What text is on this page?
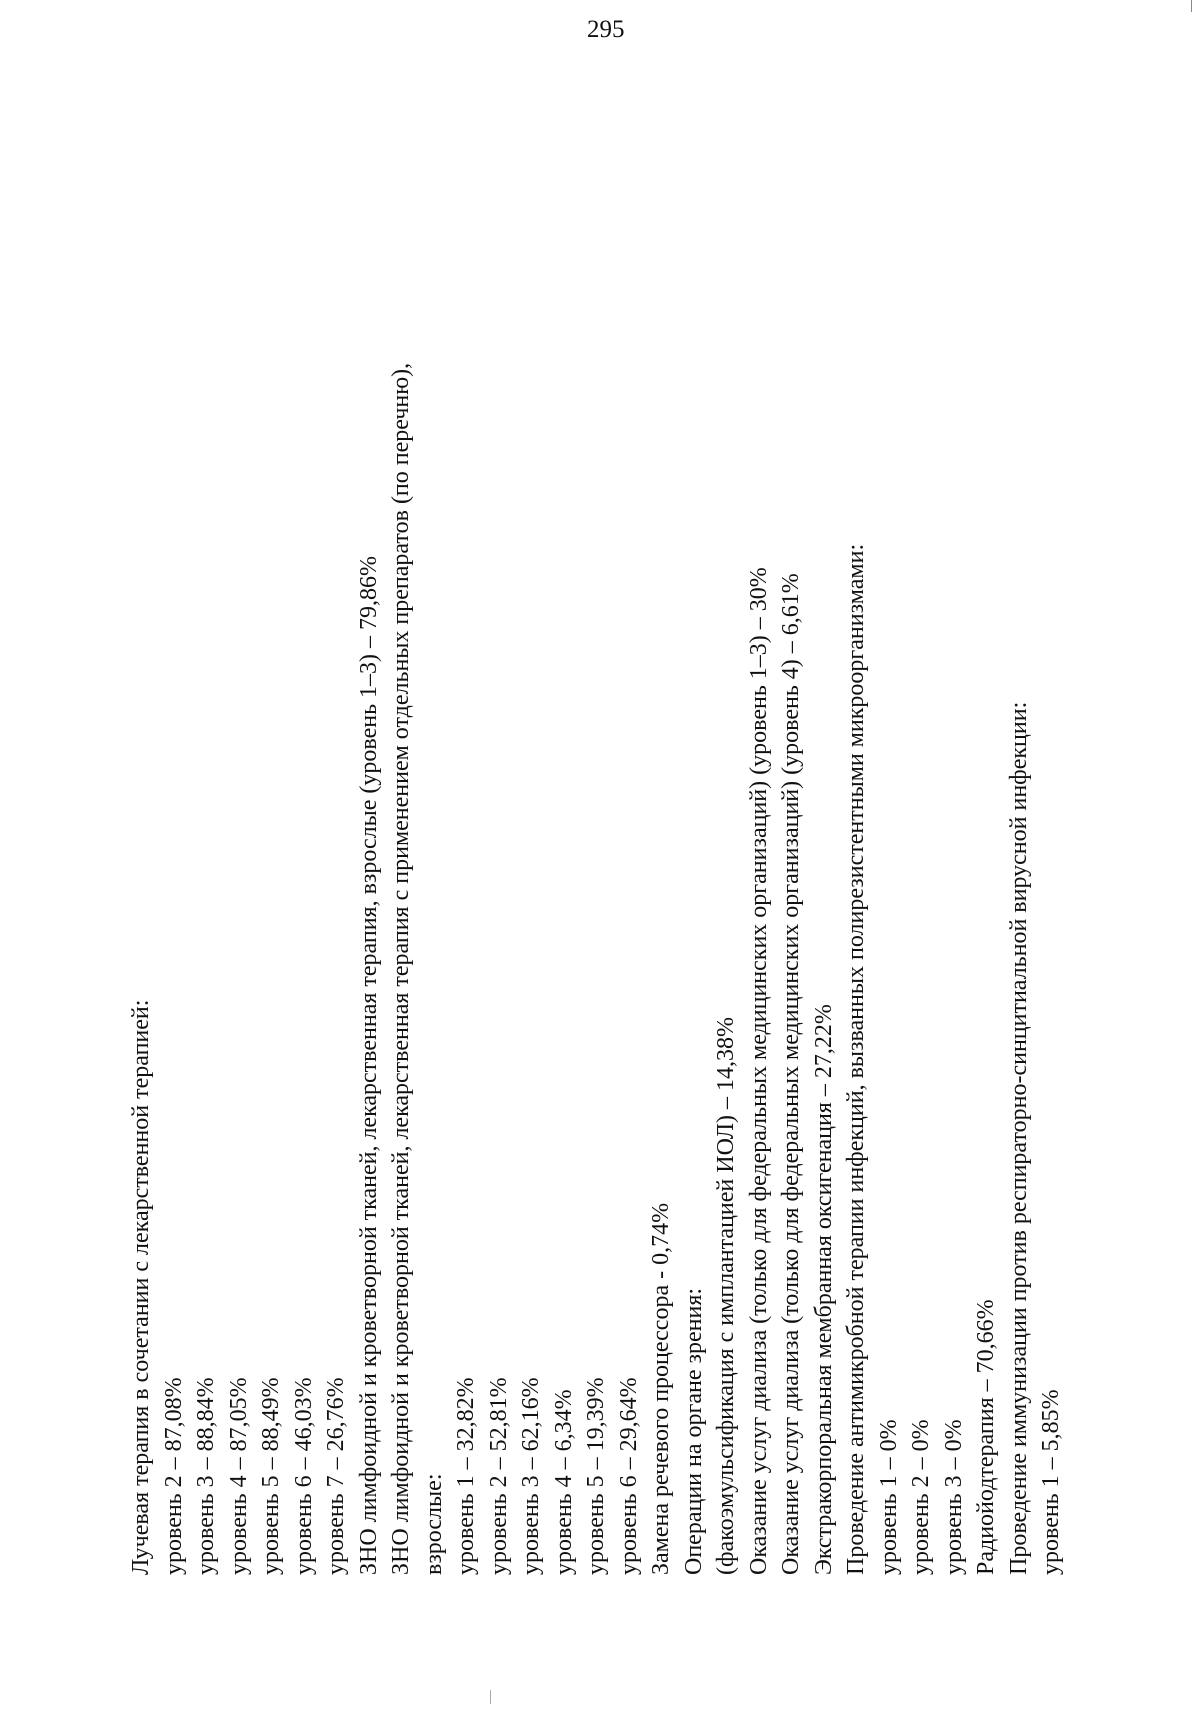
295
Лучевая терапия в сочетании с лекарственной терапией: уровень 2 – 87,08% уровень 3 – 88,84% уровень 4 – 87,05% уровень 5 – 88,49% уровень 6 – 46,03% уровень 7 – 26,76% ЗНО лимфоидной и кроветворной тканей, лекарственная терапия, взрослые (уровень 1–3) – 79,86% ЗНО лимфоидной и кроветворной тканей, лекарственная терапия с применением отдельных препаратов (по перечню), взрослые: уровень 1 – 32,82% уровень 2 – 52,81% уровень 3 – 62,16% уровень 4 – 6,34% уровень 5 – 19,39% уровень 6 – 29,64% Замена речевого процессора - 0,74% Операции на органе зрения: (факоэмульсификация с имплантацией ИОЛ) – 14,38% Оказание услуг диализа (только для федеральных медицинских организаций) (уровень 1–3) – 30% Оказание услуг диализа (только для федеральных медицинских организаций) (уровень 4) – 6,61% Экстракорпоральная мембранная оксигенация – 27,22% Проведение антимикробной терапии инфекций, вызванных полирезистентными микроорганизмами: уровень 1 – 0% уровень 2 – 0% уровень 3 – 0% Радиойодтерапия – 70,66% Проведение иммунизации против респираторно-синцитиальной вирусной инфекции: уровень 1 – 5,85%
